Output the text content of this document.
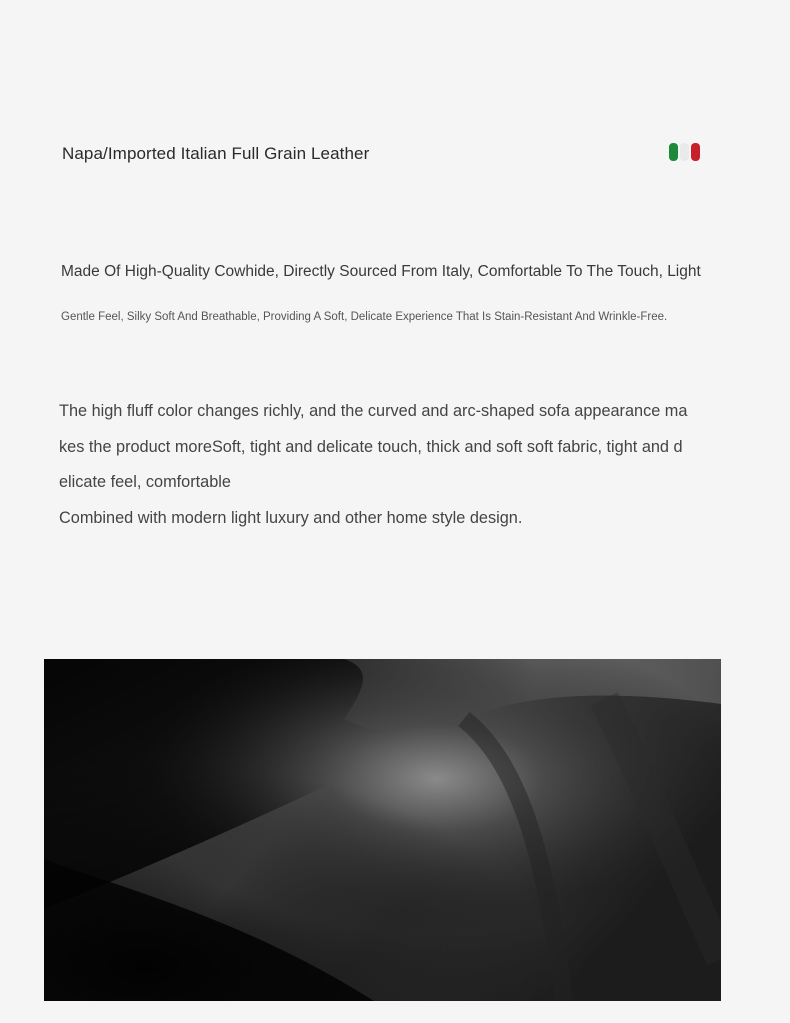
Napa/Imported Italian Full Grain Leather
Made Of High-Quality Cowhide, Directly Sourced From Italy, Comfortable To The Touch, Light
Gentle Feel, Silky Soft And Breathable, Providing A Soft, Delicate Experience That Is Stain-Resistant And Wrinkle-Free.
The high fluff color changes richly, and the curved and arc-shaped sofa appearance ma
kes the product moreSoft, tight and delicate touch, thick and soft soft fabric, tight and d
elicate feel, comfortable
Combined with modern light luxury and other home style design.
